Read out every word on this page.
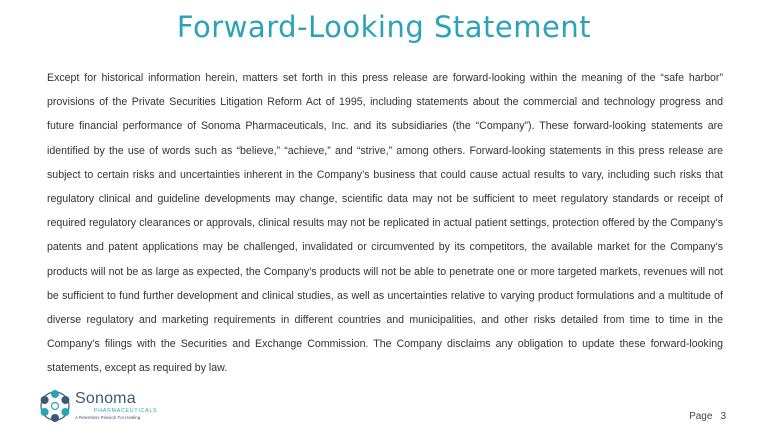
Forward-Looking Statement

Except for historical information herein, matters set forth in this press release are forward-looking within the meaning of the “safe harbor” provisions of the Private Securities Litigation Reform Act of 1995, including statements about the commercial and technology progress and future financial performance of Sonoma Pharmaceuticals, Inc. and its subsidiaries (the “Company”). These forward-looking statements are identified by the use of words such as “believe,” “achieve,” and “strive,” among others. Forward-looking statements in this press release are subject to certain risks and uncertainties inherent in the Company’s business that could cause actual results to vary, including such risks that regulatory clinical and guideline developments may change, scientific data may not be sufficient to meet regulatory standards or receipt of required regulatory clearances or approvals, clinical results may not be replicated in actual patient settings, protection offered by the Company’s patents and patent applications may be challenged, invalidated or circumvented by its competitors, the available market for the Company’s products will not be as large as expected, the Company’s products will not be able to penetrate one or more targeted markets, revenues will not be sufficient to fund further development and clinical studies, as well as uncertainties relative to varying product formulations and a multitude of diverse regulatory and marketing requirements in different countries and municipalities, and other risks detailed from time to time in the Company’s filings with the Securities and Exchange Commission. The Company disclaims any obligation to update these forward-looking statements, except as required by law.

Sonoma
PHARMACEUTICALS
A Relentless Passion For Healing	Page 3
